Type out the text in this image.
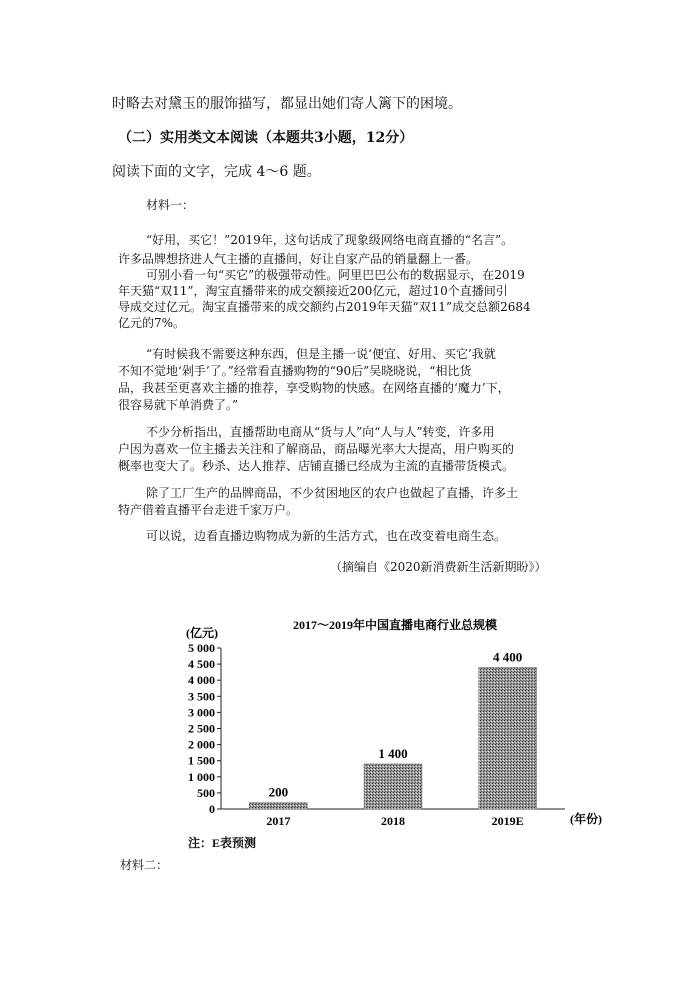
时略去对黛玉的服饰描写，都显出她们寄人篱下的困境。
（二）实用类文本阅读（本题共3小题，12分）
阅读下面的文字，完成 4～6 题。
材料一：
“好用，买它！”2019年，这句话成了现象级网络电商直播的“名言”。
许多品牌想挤进人气主播的直播间，好让自家产品的销量翻上一番。
可别小看一句“买它”的极强带动性。阿里巴巴公布的数据显示，在2019
年天猫“双11”，淘宝直播带来的成交额接近200亿元，超过10个直播间引
导成交过亿元。淘宝直播带来的成交额约占2019年天猫“双11”成交总额2684
亿元的7%。
“有时候我不需要这种东西，但是主播一说‘便宜、好用、买它’我就
不知不觉地‘剁手’了。”经常看直播购物的“90后”吴晓晓说，“相比货
品，我甚至更喜欢主播的推荐，享受购物的快感。在网络直播的‘魔力’下，
很容易就下单消费了。”
不少分析指出，直播帮助电商从“货与人”向“人与人”转变，许多用
户因为喜欢一位主播去关注和了解商品，商品曝光率大大提高，用户购买的
概率也变大了。秒杀、达人推荐、店铺直播已经成为主流的直播带货模式。
除了工厂生产的品牌商品，不少贫困地区的农户也做起了直播，许多土
特产借着直播平台走进千家万户。
可以说，边看直播边购物成为新的生活方式，也在改变着电商生态。
（摘编自《2020新消费新生活新期盼》）
2017～2019年中国直播电商行业总规模
(亿元)
(年份)
0
500
1 000
1 500
2 000
2 500
3 000
3 500
4 000
4 500
5 000
200
2017
1 400
2018
4 400
2019E
注：E表预测
材料二：
